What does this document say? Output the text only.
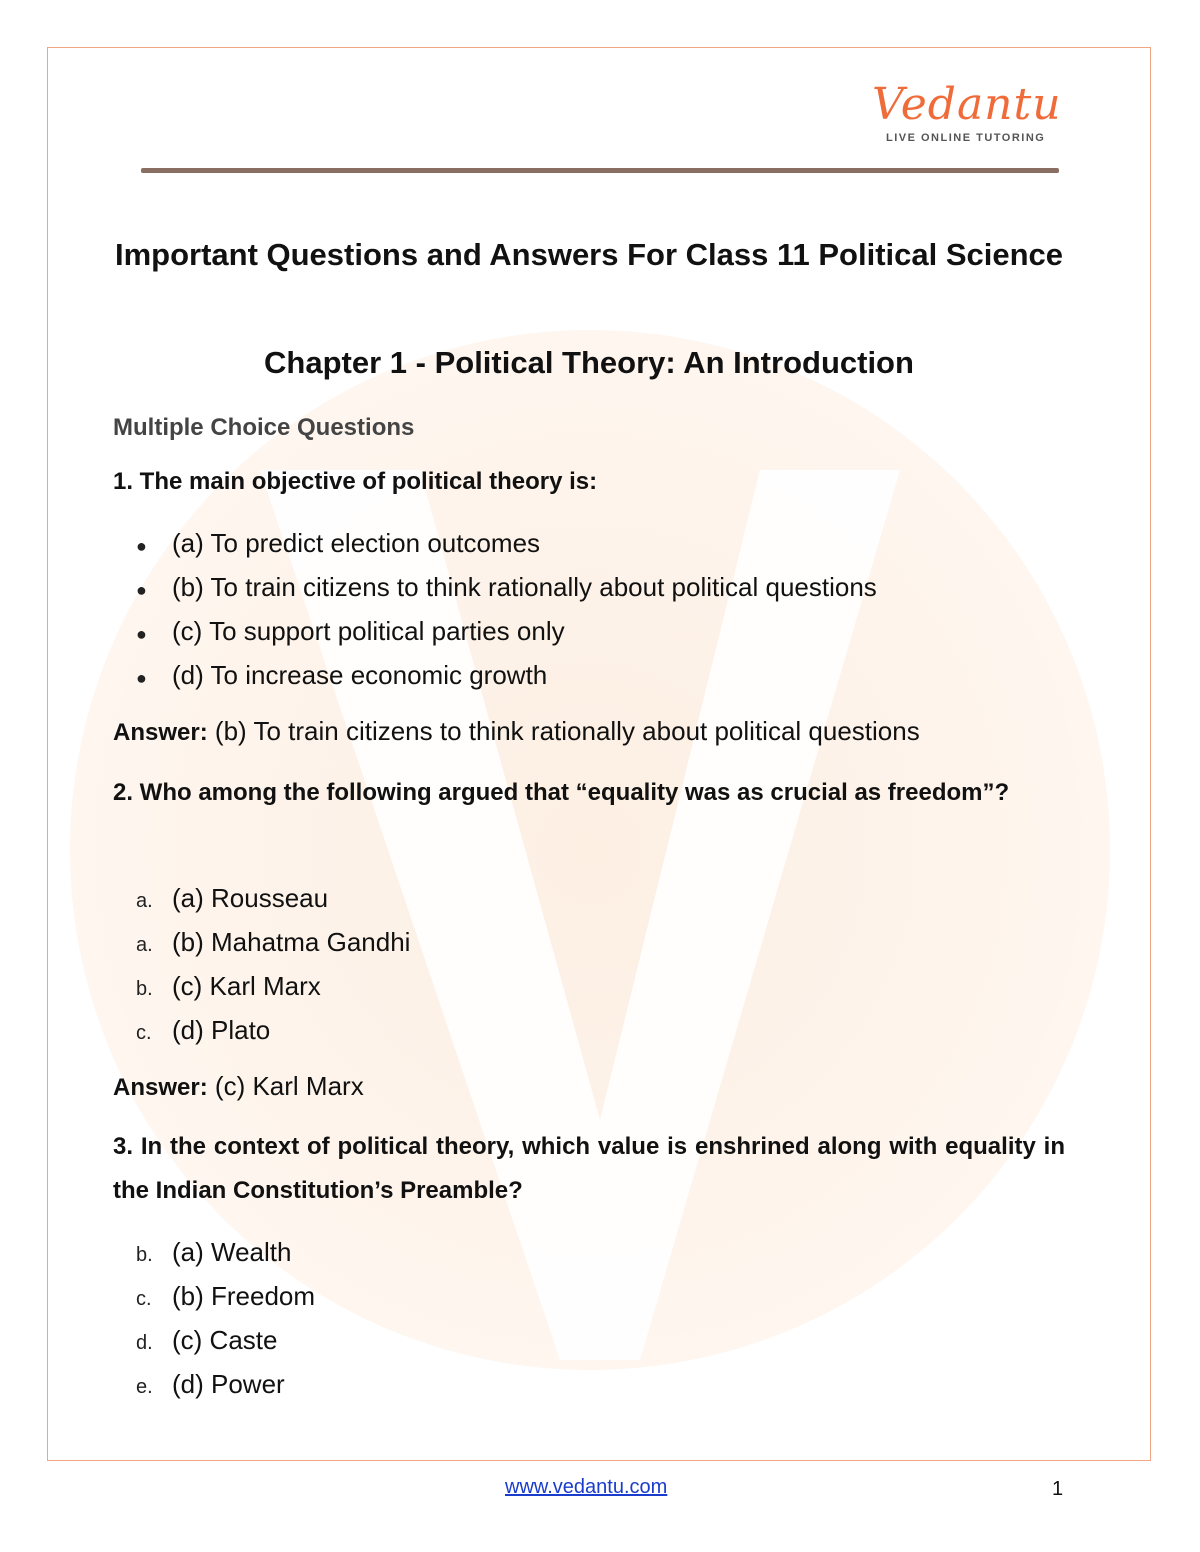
Vedantu
LIVE ONLINE TUTORING
Important Questions and Answers For Class 11 Political Science
Chapter 1 - Political Theory: An Introduction
Multiple Choice Questions
1. The main objective of political theory is:
● (a) To predict election outcomes
● (b) To train citizens to think rationally about political questions
● (c) To support political parties only
● (d) To increase economic growth
Answer: (b) To train citizens to think rationally about political questions
2. Who among the following argued that “equality was as crucial as freedom”?
a. (a) Rousseau
a. (b) Mahatma Gandhi
b. (c) Karl Marx
c. (d) Plato
Answer: (c) Karl Marx
3. In the context of political theory, which value is enshrined along with equality in the Indian Constitution’s Preamble?
b. (a) Wealth
c. (b) Freedom
d. (c) Caste
e. (d) Power
www.vedantu.com	1
